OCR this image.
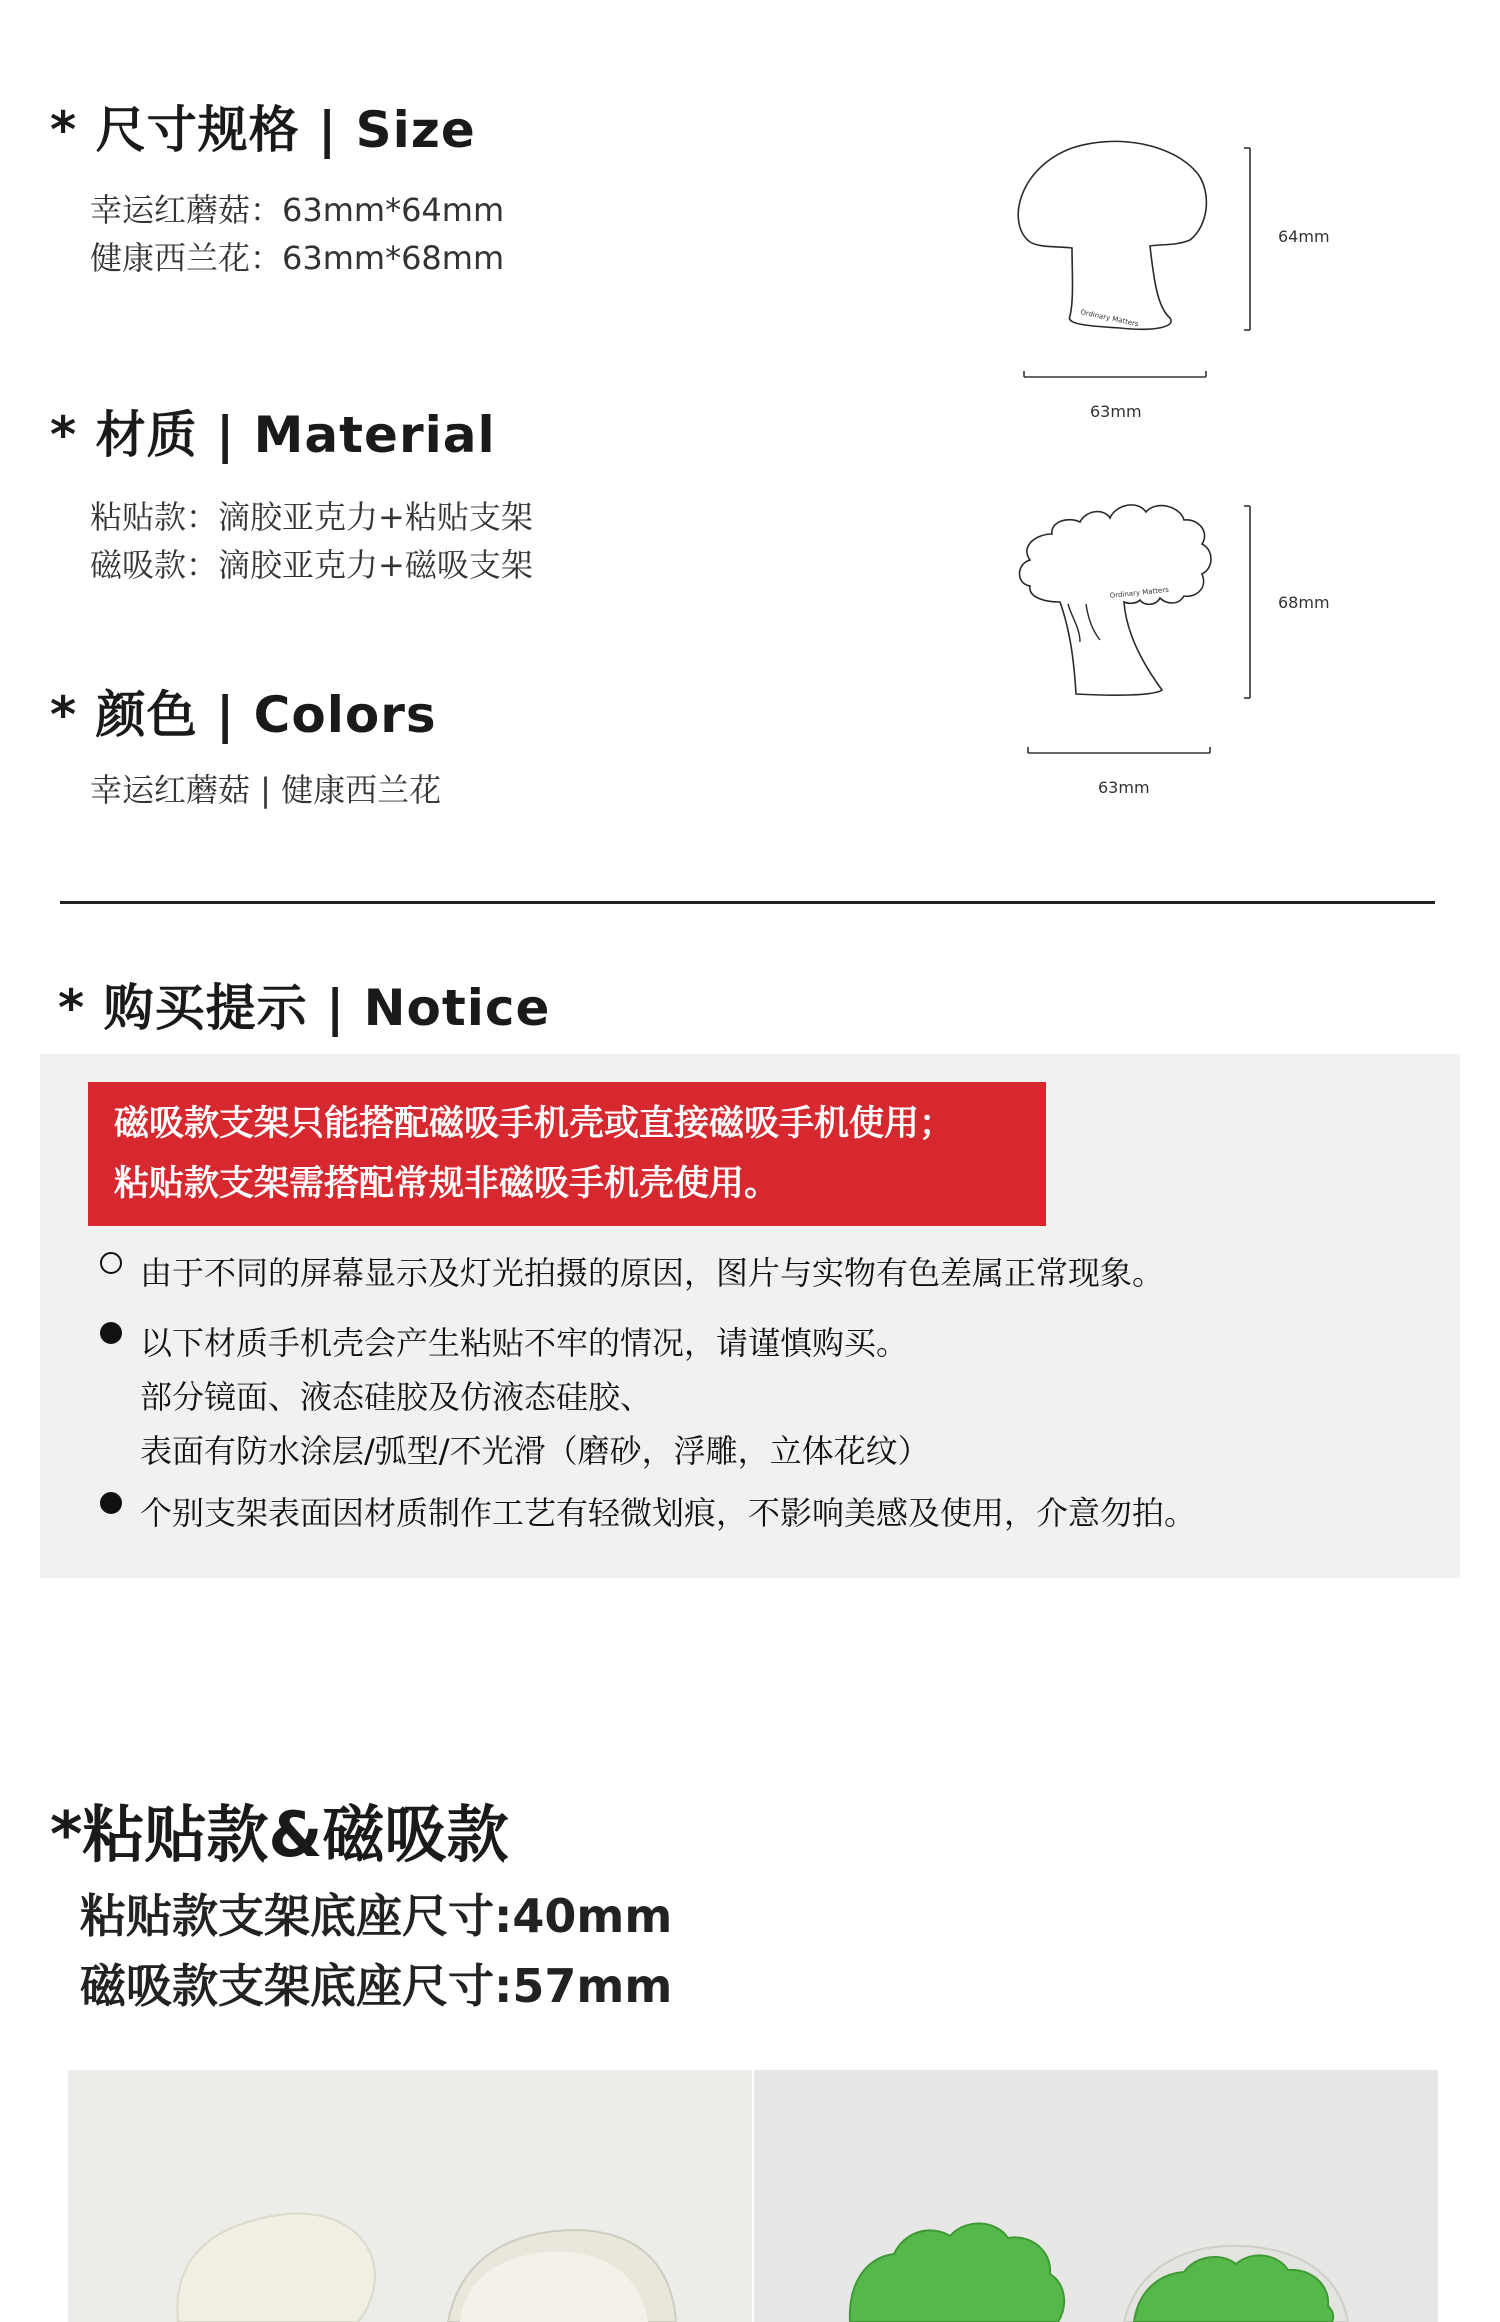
* 尺寸规格 | Size
幸运红蘑菇：63mm*64mm
健康西兰花：63mm*68mm
* 材质 | Material
粘贴款：滴胶亚克力+粘贴支架
磁吸款：滴胶亚克力+磁吸支架
* 颜色 | Colors
幸运红蘑菇 | 健康西兰花
Ordinary Matters
64mm
63mm
Ordinary Matters
68mm
63mm
* 购买提示 | Notice
磁吸款支架只能搭配磁吸手机壳或直接磁吸手机使用；
粘贴款支架需搭配常规非磁吸手机壳使用。
由于不同的屏幕显示及灯光拍摄的原因，图片与实物有色差属正常现象。
以下材质手机壳会产生粘贴不牢的情况，请谨慎购买。
部分镜面、液态硅胶及仿液态硅胶、
表面有防水涂层/弧型/不光滑（磨砂，浮雕，立体花纹）
个别支架表面因材质制作工艺有轻微划痕，不影响美感及使用，介意勿拍。
*粘贴款&磁吸款
粘贴款支架底座尺寸:40mm
磁吸款支架底座尺寸:57mm
